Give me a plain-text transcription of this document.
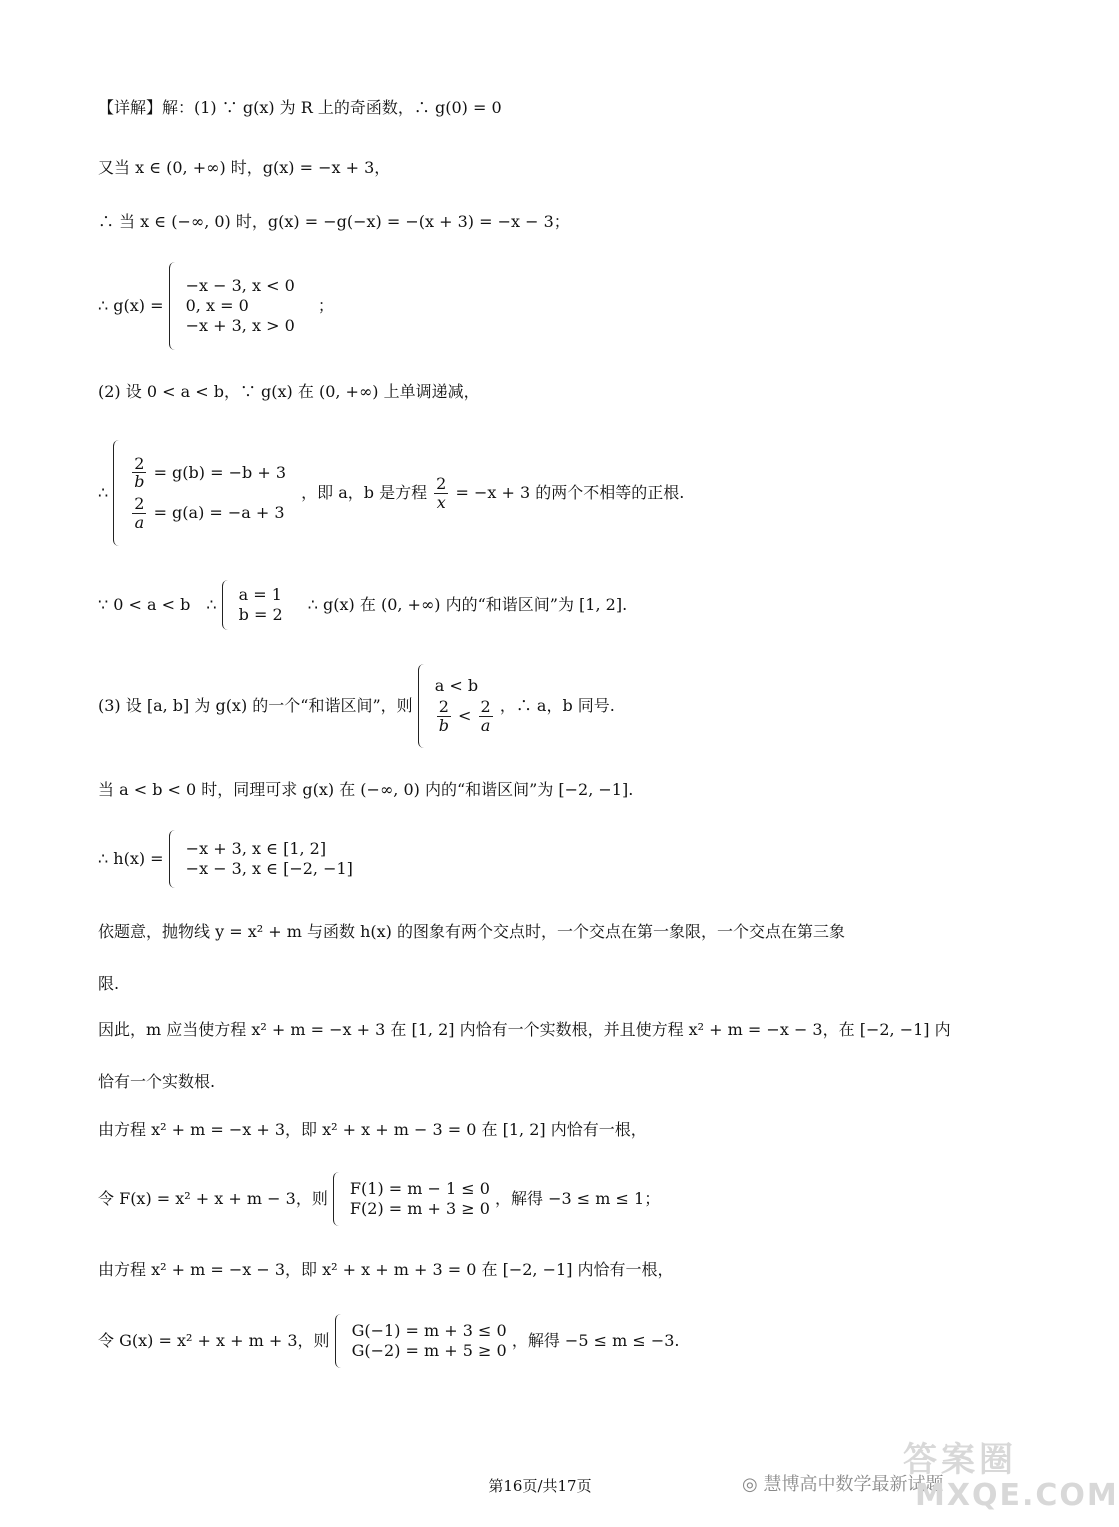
【详解】解：(1) ∵ g(x) 为 R 上的奇函数，∴ g(0) = 0
又当 x ∈ (0, +∞) 时，g(x) = −x + 3，
∴ 当 x ∈ (−∞, 0) 时，g(x) = −g(−x) = −(x + 3) = −x − 3；
∴ g(x) =
−x − 3, x < 0
0, x = 0
−x + 3, x > 0
；
(2) 设 0 < a < b，∵ g(x) 在 (0, +∞) 上单调递减，
∴
$\frac{2}{b} = g(b) = -b + 3$
$\frac{2}{a} = g(a) = -a + 3$
，即 a，b 是方程 $\frac{2}{x} = -x + 3$ 的两个不相等的正根.
∵ 0 < a < b　∴
a = 1
b = 2
∴ g(x) 在 (0, +∞) 内的“和谐区间”为 [1, 2].
(3) 设 [a, b] 为 g(x) 的一个“和谐区间”，则
a < b
$\frac{2}{b} < \frac{2}{a}$ ，∴ a，b 同号.
当 a < b < 0 时，同理可求 g(x) 在 (−∞, 0) 内的“和谐区间”为 [−2, −1].
∴ h(x) =
−x + 3, x ∈ [1, 2]
−x − 3, x ∈ [−2, −1]
依题意，抛物线 y = x² + m 与函数 h(x) 的图象有两个交点时，一个交点在第一象限，一个交点在第三象
限.
因此，m 应当使方程 x² + m = −x + 3 在 [1, 2] 内恰有一个实数根，并且使方程 x² + m = −x − 3，在 [−2, −1] 内
恰有一个实数根.
由方程 x² + m = −x + 3，即 x² + x + m − 3 = 0 在 [1, 2] 内恰有一根，
令 F(x) = x² + x + m − 3，则
F(1) = m − 1 ≤ 0
F(2) = m + 3 ≥ 0
，解得 −3 ≤ m ≤ 1；
由方程 x² + m = −x − 3，即 x² + x + m + 3 = 0 在 [−2, −1] 内恰有一根，
令 G(x) = x² + x + m + 3，则
G(−1) = m + 3 ≤ 0
G(−2) = m + 5 ≥ 0
，解得 −5 ≤ m ≤ −3.
第16页/共17页	◎ 慧博高中数学最新试题
答案圈
MXQE.COM
